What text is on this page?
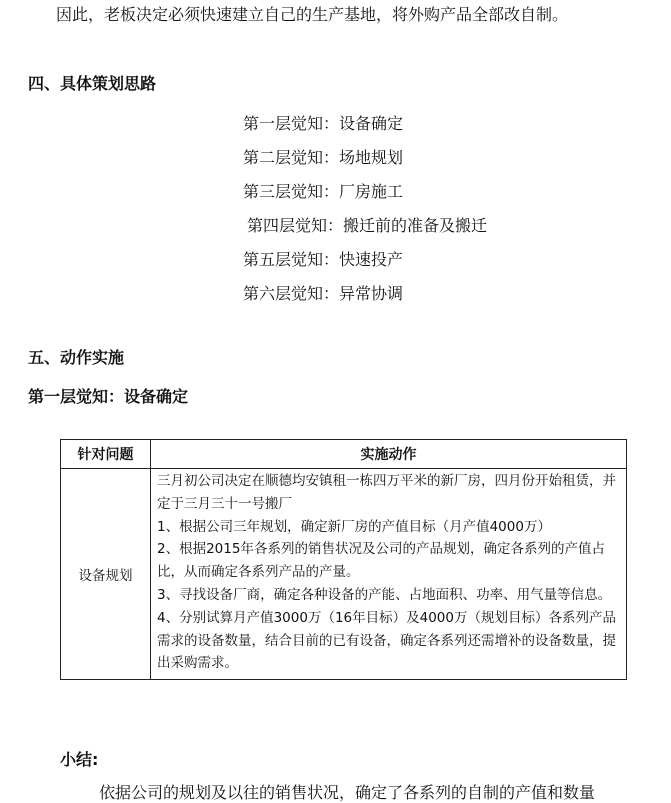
因此，老板决定必须快速建立自己的生产基地，将外购产品全部改自制。
四、具体策划思路
第一层觉知：设备确定
第二层觉知：场地规划
第三层觉知：厂房施工
第四层觉知：搬迁前的准备及搬迁
第五层觉知：快速投产
第六层觉知：异常协调
五、动作实施
第一层觉知：设备确定
针对问题	实施动作
设备规划	三月初公司决定在顺德均安镇租一栋四万平米的新厂房，四月份开始租赁，并定于三月三十一号搬厂
1、根据公司三年规划，确定新厂房的产值目标（月产值4000万）
2、根据2015年各系列的销售状况及公司的产品规划，确定各系列的产值占比，从而确定各系列产品的产量。
3、寻找设备厂商，确定各种设备的产能、占地面积、功率、用气量等信息。
4、分别试算月产值3000万（16年目标）及4000万（规划目标）各系列产品需求的设备数量，结合目前的已有设备，确定各系列还需增补的设备数量，提出采购需求。
小结:
依据公司的规划及以往的销售状况，确定了各系列的自制的产值和数量
